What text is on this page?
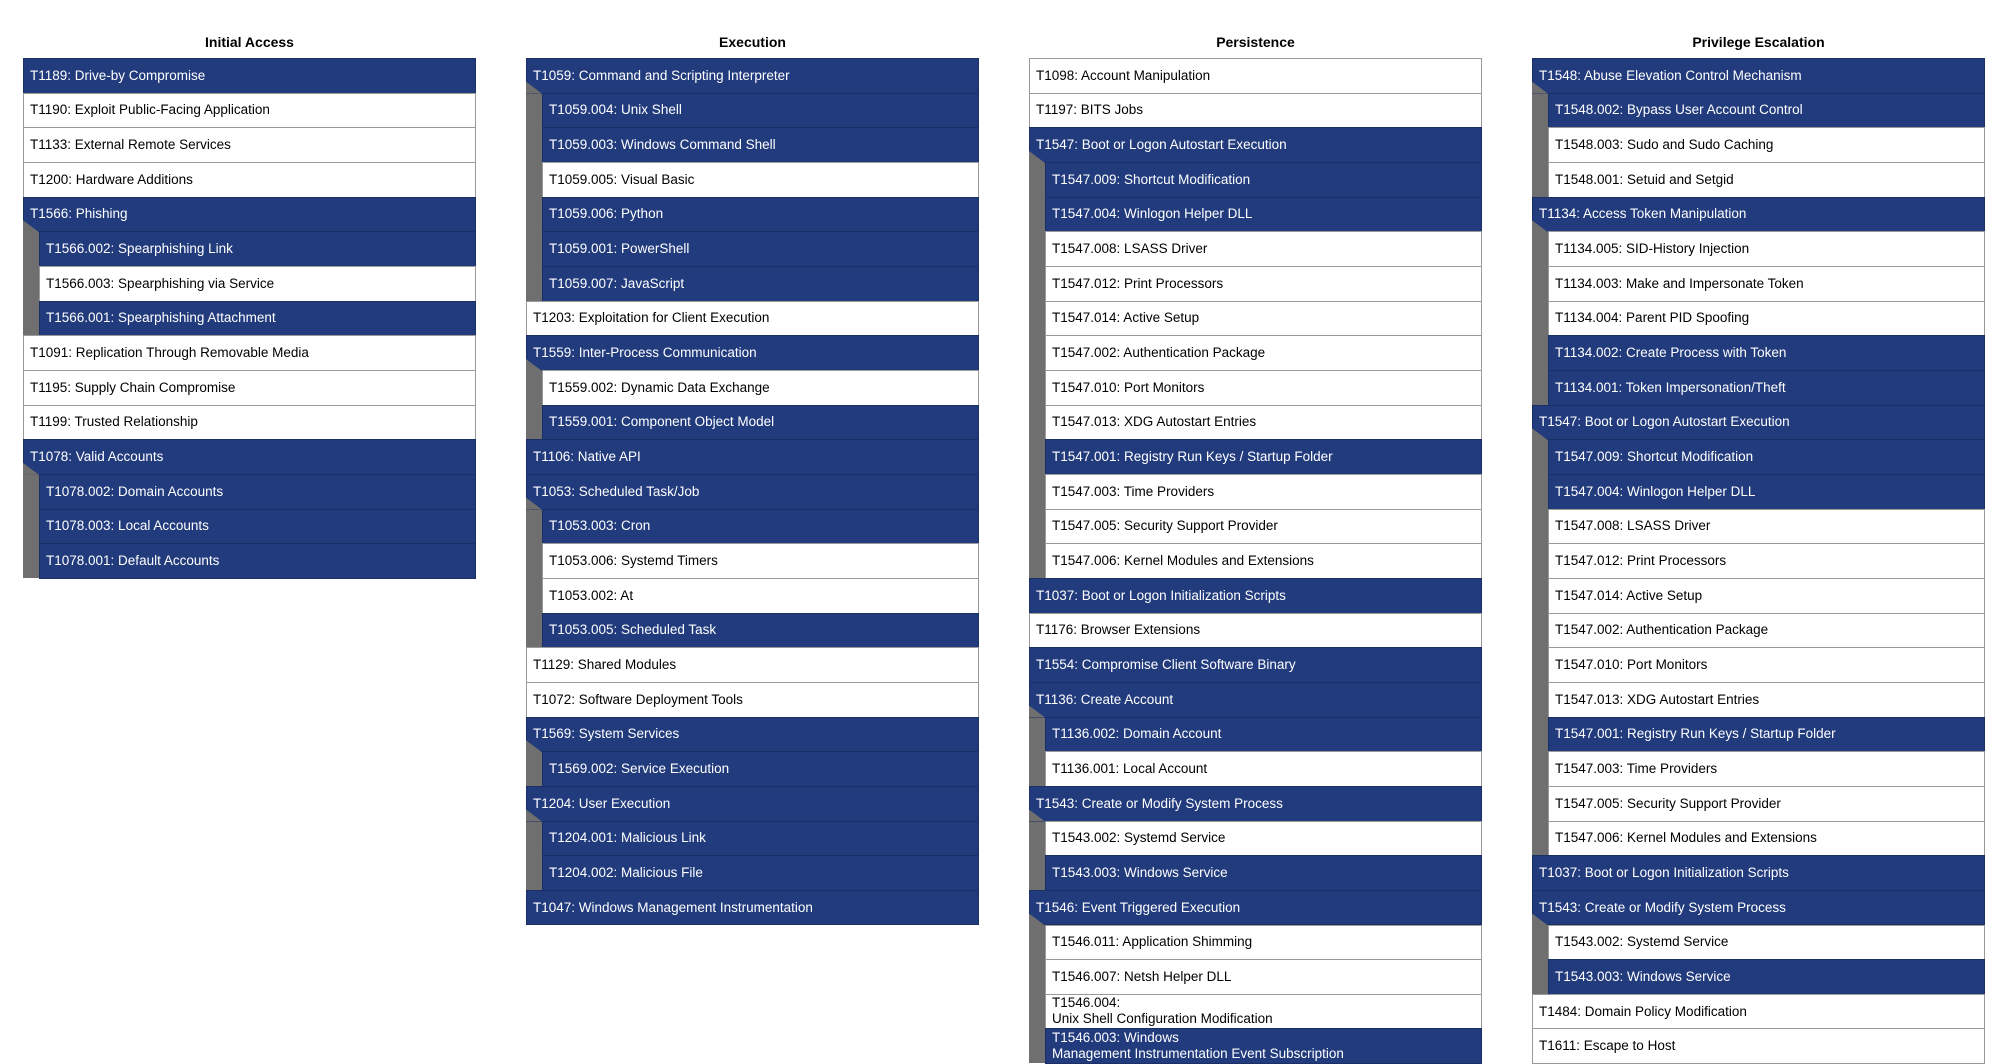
Initial Access
T1189: Drive-by Compromise
T1190: Exploit Public-Facing Application
T1133: External Remote Services
T1200: Hardware Additions
T1566: Phishing
T1566.002: Spearphishing Link
T1566.003: Spearphishing via Service
T1566.001: Spearphishing Attachment
T1091: Replication Through Removable Media
T1195: Supply Chain Compromise
T1199: Trusted Relationship
T1078: Valid Accounts
T1078.002: Domain Accounts
T1078.003: Local Accounts
T1078.001: Default Accounts
Execution
T1059: Command and Scripting Interpreter
T1059.004: Unix Shell
T1059.003: Windows Command Shell
T1059.005: Visual Basic
T1059.006: Python
T1059.001: PowerShell
T1059.007: JavaScript
T1203: Exploitation for Client Execution
T1559: Inter-Process Communication
T1559.002: Dynamic Data Exchange
T1559.001: Component Object Model
T1106: Native API
T1053: Scheduled Task/Job
T1053.003: Cron
T1053.006: Systemd Timers
T1053.002: At
T1053.005: Scheduled Task
T1129: Shared Modules
T1072: Software Deployment Tools
T1569: System Services
T1569.002: Service Execution
T1204: User Execution
T1204.001: Malicious Link
T1204.002: Malicious File
T1047: Windows Management Instrumentation
Persistence
T1098: Account Manipulation
T1197: BITS Jobs
T1547: Boot or Logon Autostart Execution
T1547.009: Shortcut Modification
T1547.004: Winlogon Helper DLL
T1547.008: LSASS Driver
T1547.012: Print Processors
T1547.014: Active Setup
T1547.002: Authentication Package
T1547.010: Port Monitors
T1547.013: XDG Autostart Entries
T1547.001: Registry Run Keys / Startup Folder
T1547.003: Time Providers
T1547.005: Security Support Provider
T1547.006: Kernel Modules and Extensions
T1037: Boot or Logon Initialization Scripts
T1176: Browser Extensions
T1554: Compromise Client Software Binary
T1136: Create Account
T1136.002: Domain Account
T1136.001: Local Account
T1543: Create or Modify System Process
T1543.002: Systemd Service
T1543.003: Windows Service
T1546: Event Triggered Execution
T1546.011: Application Shimming
T1546.007: Netsh Helper DLL
T1546.004:
Unix Shell Configuration Modification
T1546.003: Windows
Management Instrumentation Event Subscription
Privilege Escalation
T1548: Abuse Elevation Control Mechanism
T1548.002: Bypass User Account Control
T1548.003: Sudo and Sudo Caching
T1548.001: Setuid and Setgid
T1134: Access Token Manipulation
T1134.005: SID-History Injection
T1134.003: Make and Impersonate Token
T1134.004: Parent PID Spoofing
T1134.002: Create Process with Token
T1134.001: Token Impersonation/Theft
T1547: Boot or Logon Autostart Execution
T1547.009: Shortcut Modification
T1547.004: Winlogon Helper DLL
T1547.008: LSASS Driver
T1547.012: Print Processors
T1547.014: Active Setup
T1547.002: Authentication Package
T1547.010: Port Monitors
T1547.013: XDG Autostart Entries
T1547.001: Registry Run Keys / Startup Folder
T1547.003: Time Providers
T1547.005: Security Support Provider
T1547.006: Kernel Modules and Extensions
T1037: Boot or Logon Initialization Scripts
T1543: Create or Modify System Process
T1543.002: Systemd Service
T1543.003: Windows Service
T1484: Domain Policy Modification
T1611: Escape to Host
